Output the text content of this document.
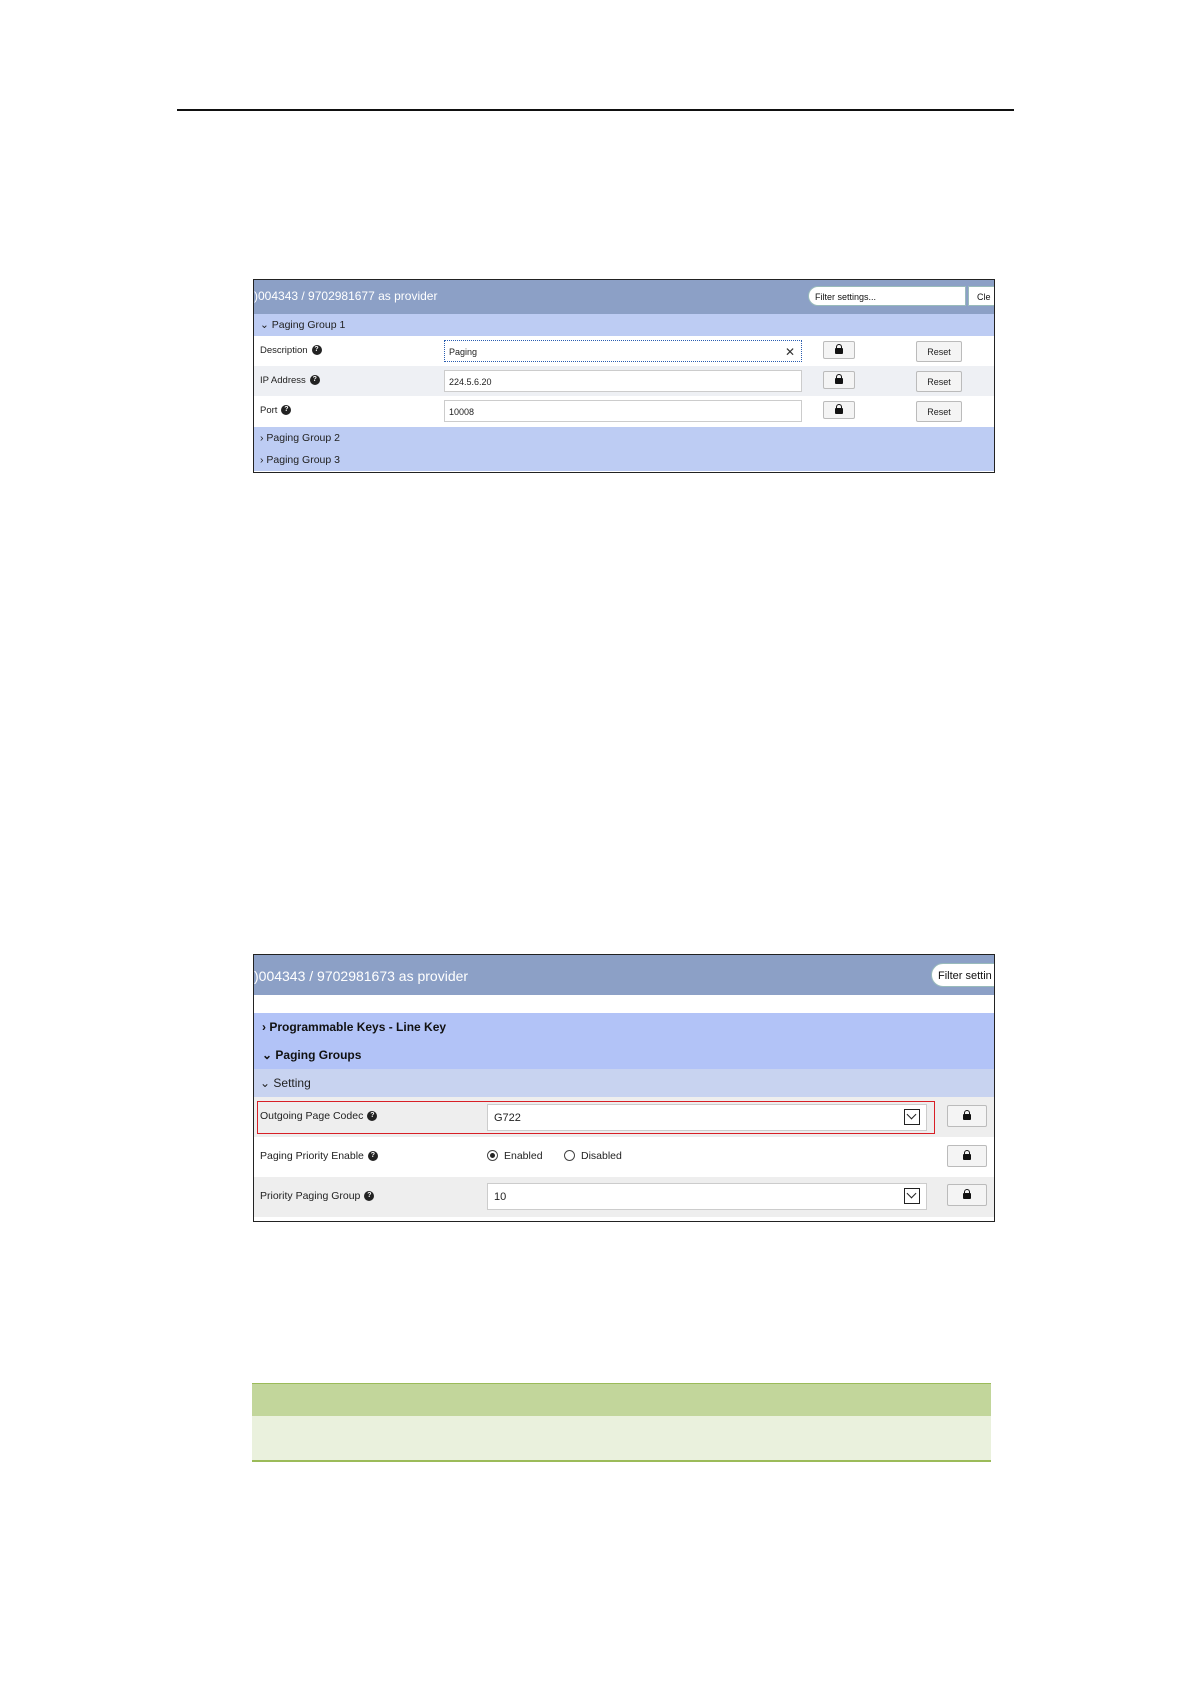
)004343 / 9702981677 as provider	Filter settings...	Cle
⌄ Paging Group 1
Description ?	Paging	✕	Reset
IP Address ?	224.5.6.20	Reset
Port ?	10008	Reset
› Paging Group 2
› Paging Group 3
)004343 / 9702981673 as provider	Filter settin
› Programmable Keys - Line Key
⌄ Paging Groups
⌄ Setting
Outgoing Page Codec ?	G722
Paging Priority Enable ?	Enabled	Disabled
Priority Paging Group ?	10
